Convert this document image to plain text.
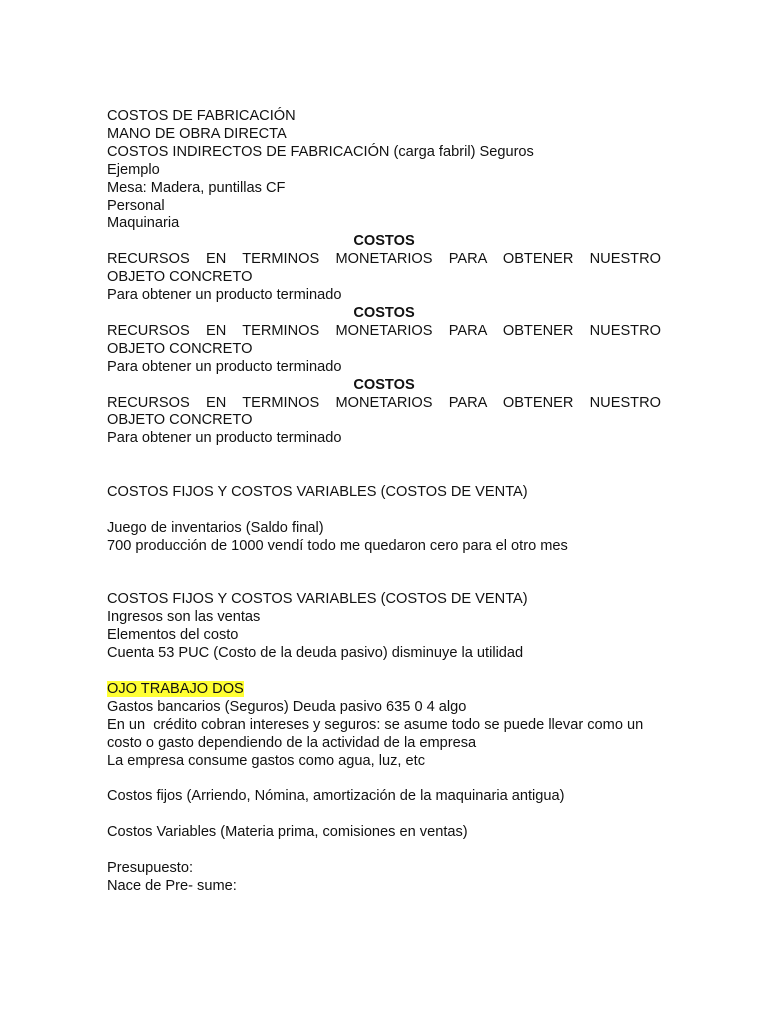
COSTOS DE FABRICACIÓN
MANO DE OBRA DIRECTA
COSTOS INDIRECTOS DE FABRICACIÓN (carga fabril) Seguros
Ejemplo
Mesa: Madera, puntillas CF
Personal
Maquinaria
COSTOS
RECURSOS EN TERMINOS MONETARIOS PARA OBTENER NUESTRO
OBJETO CONCRETO
Para obtener un producto terminado
COSTOS
RECURSOS EN TERMINOS MONETARIOS PARA OBTENER NUESTRO
OBJETO CONCRETO
Para obtener un producto terminado
COSTOS
RECURSOS EN TERMINOS MONETARIOS PARA OBTENER NUESTRO
OBJETO CONCRETO
Para obtener un producto terminado
COSTOS FIJOS Y COSTOS VARIABLES (COSTOS DE VENTA)
Juego de inventarios (Saldo final)
700 producción de 1000 vendí todo me quedaron cero para el otro mes
COSTOS FIJOS Y COSTOS VARIABLES (COSTOS DE VENTA)
Ingresos son las ventas
Elementos del costo
Cuenta 53 PUC (Costo de la deuda pasivo) disminuye la utilidad
OJO TRABAJO DOS
Gastos bancarios (Seguros) Deuda pasivo 635 0 4 algo
En un  crédito cobran intereses y seguros: se asume todo se puede llevar como un
costo o gasto dependiendo de la actividad de la empresa
La empresa consume gastos como agua, luz, etc
Costos fijos (Arriendo, Nómina, amortización de la maquinaria antigua)
Costos Variables (Materia prima, comisiones en ventas)
Presupuesto:
Nace de Pre- sume:
